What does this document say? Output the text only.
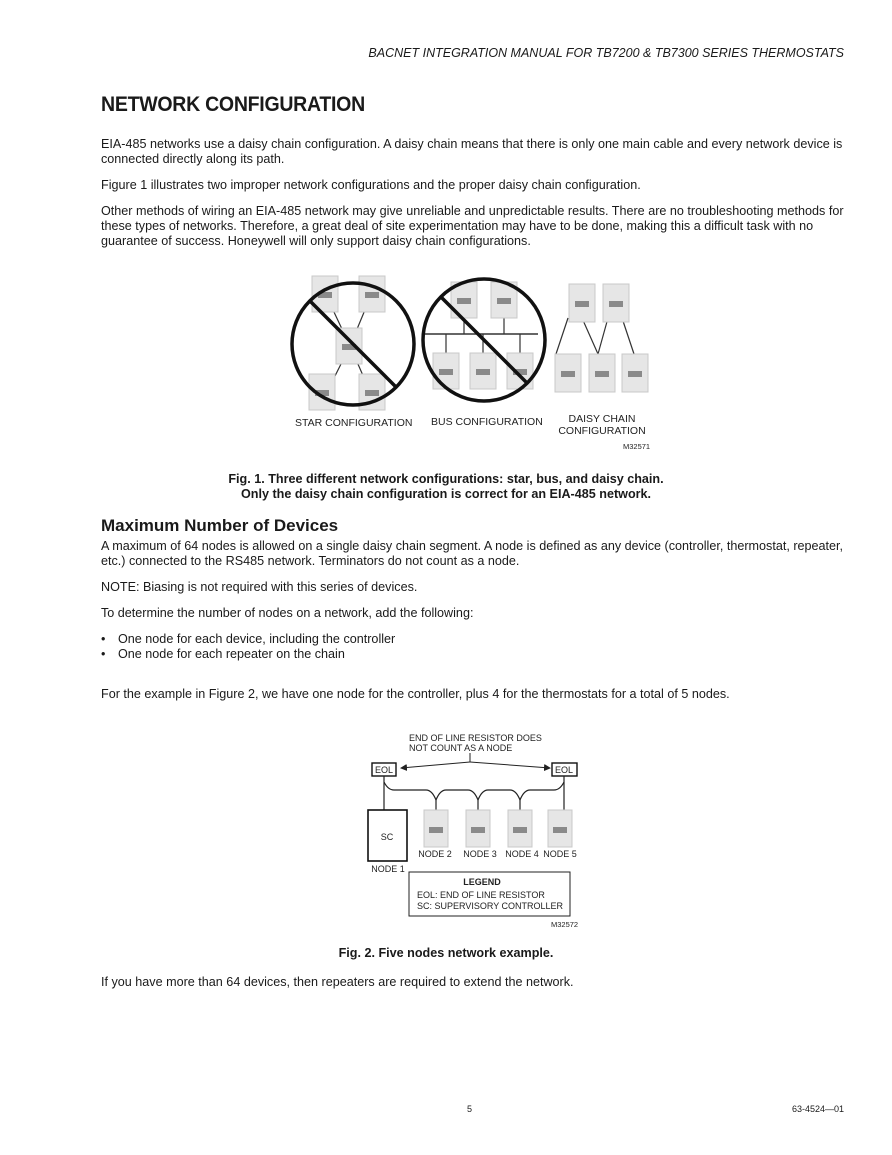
BACNET INTEGRATION MANUAL FOR TB7200 & TB7300 SERIES THERMOSTATS
NETWORK CONFIGURATION

EIA-485 networks use a daisy chain configuration. A daisy chain means that there is only one main cable and every network device is connected directly along its path.

Figure 1 illustrates two improper network configurations and the proper daisy chain configuration.

Other methods of wiring an EIA-485 network may give unreliable and unpredictable results. There are no troubleshooting methods for these types of networks. Therefore, a great deal of site experimentation may have to be done, making this a difficult task with no guarantee of success. Honeywell will only support daisy chain configurations.

STAR CONFIGURATION BUS CONFIGURATION DAISY CHAIN
CONFIGURATION
M32571

Fig. 1. Three different network configurations: star, bus, and daisy chain.

Only the daisy chain configuration is correct for an EIA-485 network.

Maximum Number of Devices

A maximum of 64 nodes is allowed on a single daisy chain segment. A node is defined as any device (controller, thermostat, repeater, etc.) connected to the RS485 network. Terminators do not count as a node.

NOTE: Biasing is not required with this series of devices.

To determine the number of nodes on a network, add the following:

• One node for each device, including the controller

• One node for each repeater on the chain

For the example in Figure 2, we have one node for the controller, plus 4 for the thermostats for a total of 5 nodes.

END OF LINE RESISTOR DOES
NOT COUNT AS A NODE
EOL	EOL
SC
NODE 1
NODE 2 NODE 3 NODE 4 NODE 5
LEGEND
EOL: END OF LINE RESISTOR
SC: SUPERVISORY CONTROLLER
M32572

Fig. 2. Five nodes network example.

If you have more than 64 devices, then repeaters are required to extend the network.

5	63-4524—01
